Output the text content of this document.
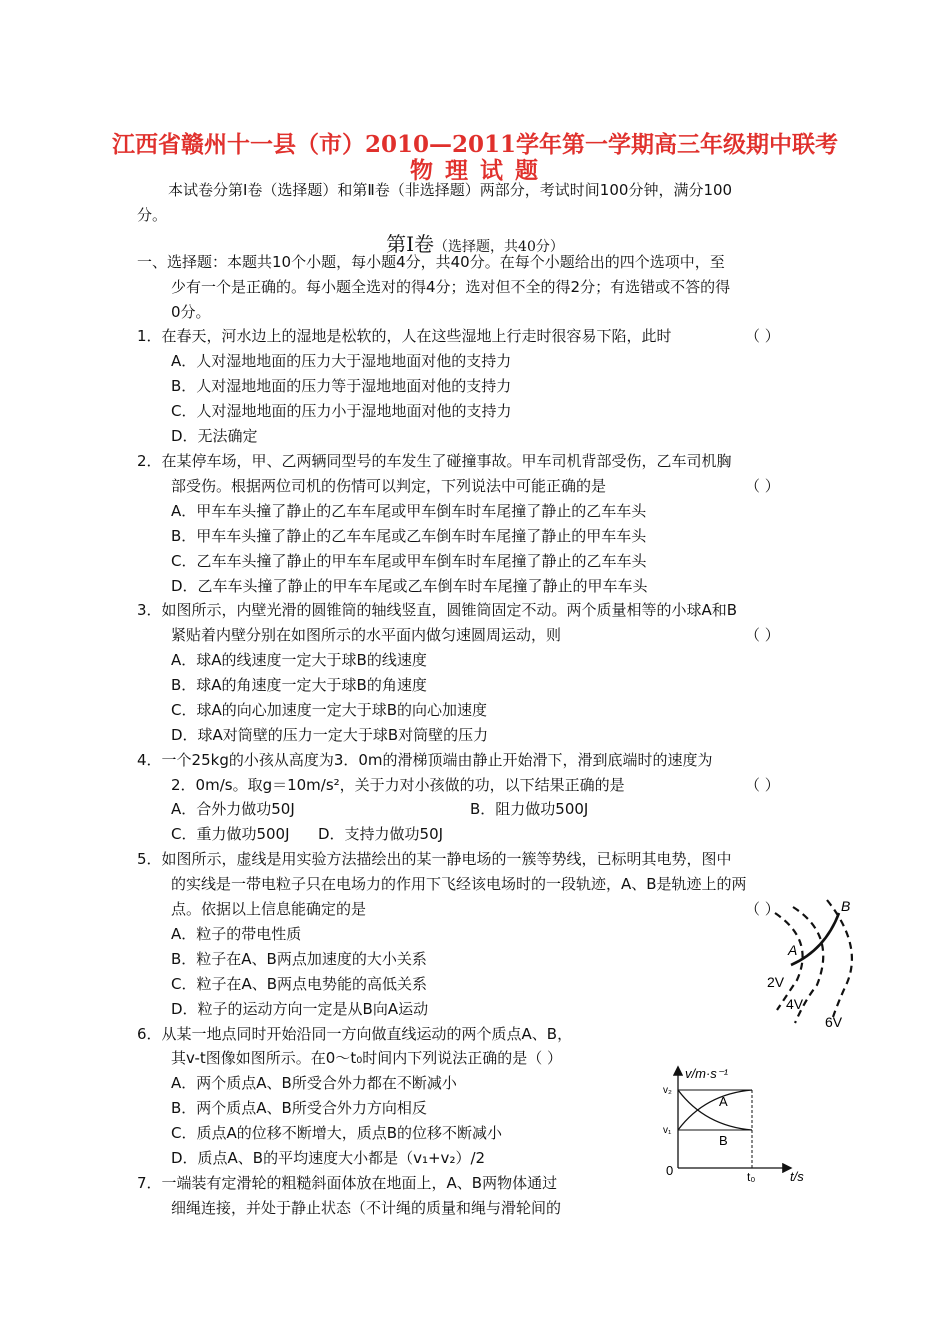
江西省赣州十一县（市）2010—2011学年第一学期高三年级期中联考
物 理 试 题
本试卷分第Ⅰ卷（选择题）和第Ⅱ卷（非选择题）两部分，考试时间100分钟，满分100
分。
第Ⅰ卷（选择题，共40分）
一、选择题：本题共10个小题，每小题4分，共40分。在每个小题给出的四个选项中，至
少有一个是正确的。每小题全选对的得4分；选对但不全的得2分；有选错或不答的得
0分。
1．在春天，河水边上的湿地是松软的，人在这些湿地上行走时很容易下陷，此时	（ ）
A．人对湿地地面的压力大于湿地地面对他的支持力
B．人对湿地地面的压力等于湿地地面对他的支持力
C．人对湿地地面的压力小于湿地地面对他的支持力
D．无法确定
2．在某停车场，甲、乙两辆同型号的车发生了碰撞事故。甲车司机背部受伤，乙车司机胸
部受伤。根据两位司机的伤情可以判定，下列说法中可能正确的是	（ ）
A．甲车车头撞了静止的乙车车尾或甲车倒车时车尾撞了静止的乙车车头
B．甲车车头撞了静止的乙车车尾或乙车倒车时车尾撞了静止的甲车车头
C．乙车车头撞了静止的甲车车尾或甲车倒车时车尾撞了静止的乙车车头
D．乙车车头撞了静止的甲车车尾或乙车倒车时车尾撞了静止的甲车车头
3．如图所示，内壁光滑的圆锥筒的轴线竖直，圆锥筒固定不动。两个质量相等的小球A和B
紧贴着内壁分别在如图所示的水平面内做匀速圆周运动，则	（ ）
A．球A的线速度一定大于球B的线速度
B．球A的角速度一定大于球B的角速度
C．球A的向心加速度一定大于球B的向心加速度
D．球A对筒壁的压力一定大于球B对筒壁的压力
4．一个25kg的小孩从高度为3．0m的滑梯顶端由静止开始滑下，滑到底端时的速度为
2．0m/s。取g＝10m/s²，关于力对小孩做的功，以下结果正确的是	（ ）
A．合外力做功50J	B．阻力做功500J
C．重力做功500J D．支持力做功50J
5．如图所示，虚线是用实验方法描绘出的某一静电场的一簇等势线，已标明其电势，图中
的实线是一带电粒子只在电场力的作用下飞经该电场时的一段轨迹，A、B是轨迹上的两
点。依据以上信息能确定的是	（ ）
A．粒子的带电性质
B．粒子在A、B两点加速度的大小关系
C．粒子在A、B两点电势能的高低关系
D．粒子的运动方向一定是从B向A运动
B
A
2V
4V
6V
6．从某一地点同时开始沿同一方向做直线运动的两个质点A、B，
其v-t图像如图所示。在0～t₀时间内下列说法正确的是（ ）
A．两个质点A、B所受合外力都在不断减小
B．两个质点A、B所受合外力方向相反
C．质点A的位移不断增大，质点B的位移不断减小
D．质点A、B的平均速度大小都是（v₁+v₂）/2
v/m·s⁻¹
t/s
0
v₂
v₁
t₀
A
B
7．一端装有定滑轮的粗糙斜面体放在地面上，A、B两物体通过
细绳连接，并处于静止状态（不计绳的质量和绳与滑轮间的
